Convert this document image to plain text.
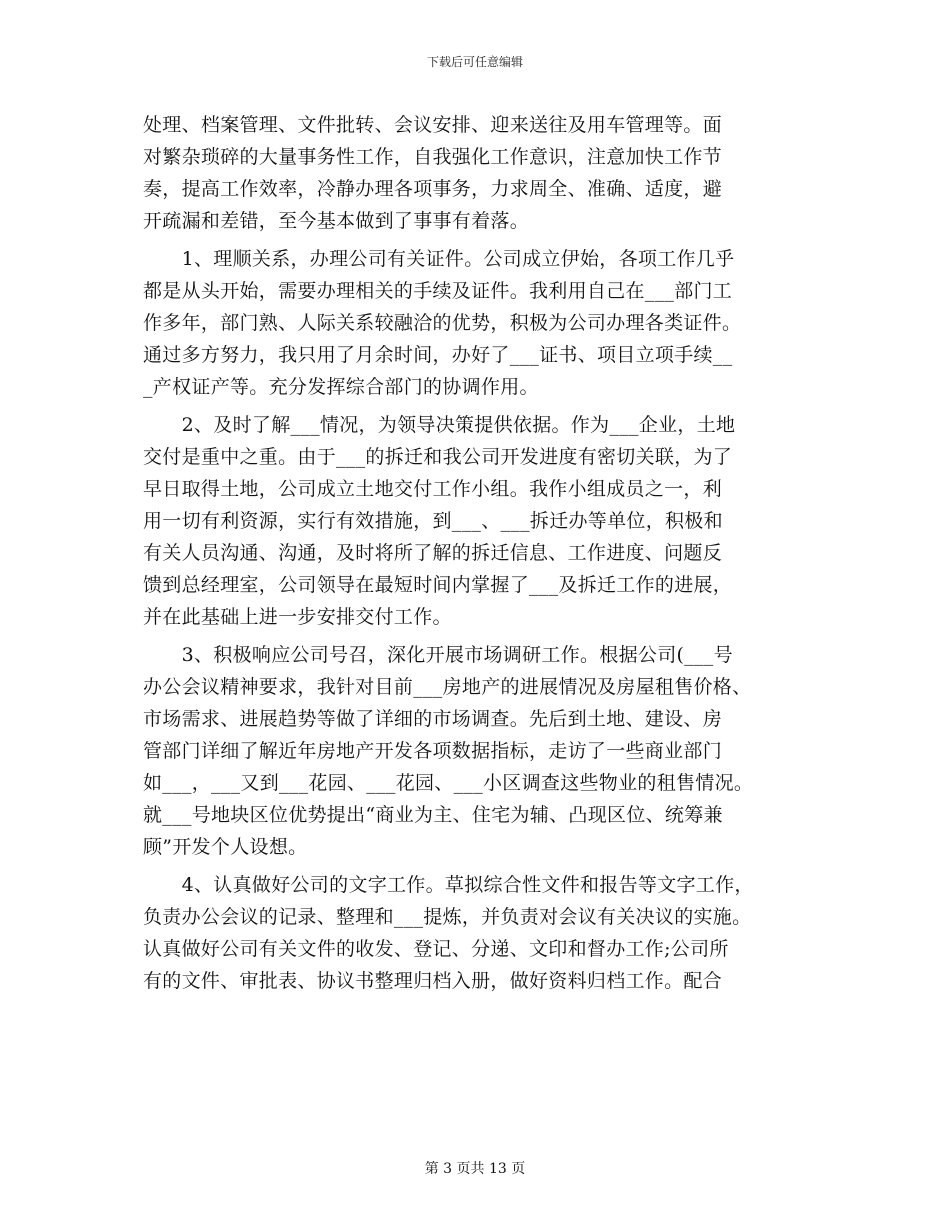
下载后可任意编辑
处理、档案管理、文件批转、会议安排、迎来送往及用车管理等。面
对繁杂琐碎的大量事务性工作，自我强化工作意识，注意加快工作节
奏，提高工作效率，冷静办理各项事务，力求周全、准确、适度，避
开疏漏和差错，至今基本做到了事事有着落。
　　1、理顺关系，办理公司有关证件。公司成立伊始，各项工作几乎
都是从头开始，需要办理相关的手续及证件。我利用自己在___部门工
作多年，部门熟、人际关系较融洽的优势，积极为公司办理各类证件。
通过多方努力，我只用了月余时间，办好了___证书、项目立项手续__
_产权证产等。充分发挥综合部门的协调作用。
　　2、及时了解___情况，为领导决策提供依据。作为___企业，土地
交付是重中之重。由于___的拆迁和我公司开发进度有密切关联，为了
早日取得土地，公司成立土地交付工作小组。我作小组成员之一，利
用一切有利资源，实行有效措施，到___、___拆迁办等单位，积极和
有关人员沟通、沟通，及时将所了解的拆迁信息、工作进度、问题反
馈到总经理室，公司领导在最短时间内掌握了___及拆迁工作的进展，
并在此基础上进一步安排交付工作。
　　3、积极响应公司号召，深化开展市场调研工作。根据公司(___号
办公会议精神要求，我针对目前___房地产的进展情况及房屋租售价格、
市场需求、进展趋势等做了详细的市场调查。先后到土地、建设、房
管部门详细了解近年房地产开发各项数据指标，走访了一些商业部门
如___，___又到___花园、___花园、___小区调查这些物业的租售情况。
就___号地块区位优势提出“商业为主、住宅为辅、凸现区位、统筹兼
顾”开发个人设想。
　　4、认真做好公司的文字工作。草拟综合性文件和报告等文字工作，
负责办公会议的记录、整理和___提炼，并负责对会议有关决议的实施。
认真做好公司有关文件的收发、登记、分递、文印和督办工作;公司所
有的文件、审批表、协议书整理归档入册，做好资料归档工作。配合
第 3 页共 13 页
